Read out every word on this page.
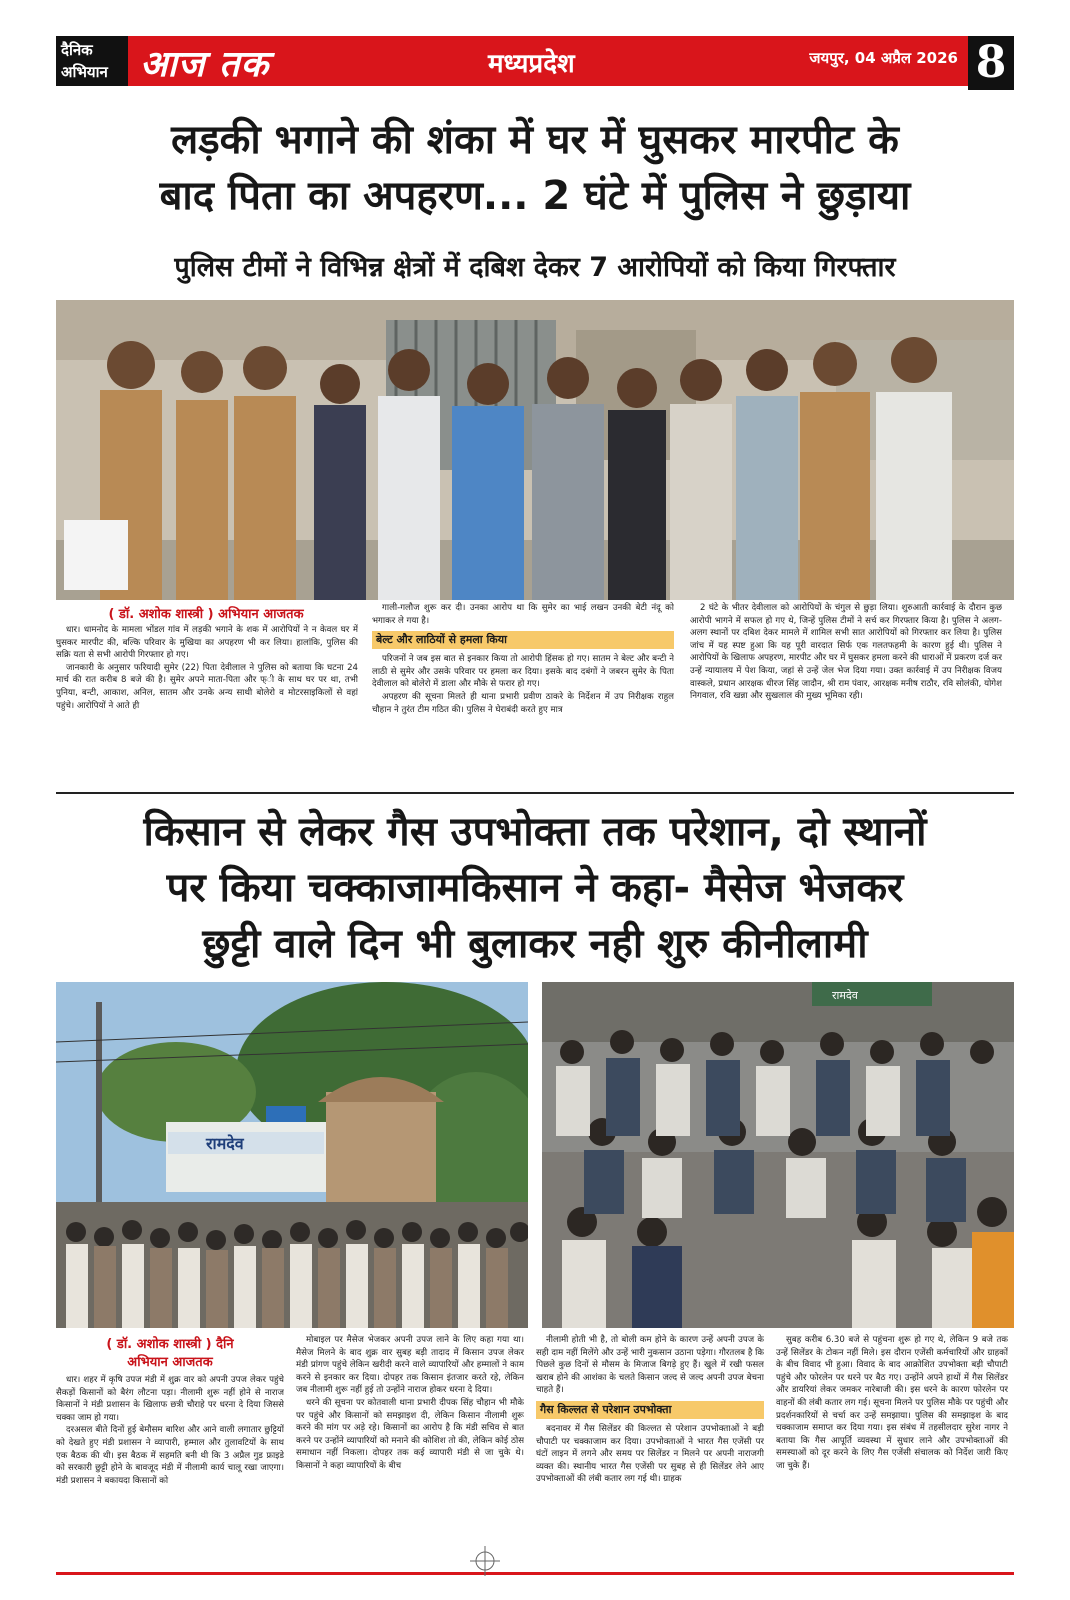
दैनिक
अभियान आज तक	मध्यप्रदेश	जयपुर, 04 अप्रैल 2026 8
लड़की भगाने की शंका में घर में घुसकर मारपीट के
बाद पिता का अपहरण... 2 घंटे में पुलिस ने छुड़ाया
पुलिस टीमों ने विभिन्न क्षेत्रों में दबिश देकर 7 आरोपियों को किया गिरफ्तार
( डॉ. अशोक शास्त्री ) अभियान आजतक

धार। धामनोद के मामला भोंडल गांव में लड़की भगाने के शक में आरोपियों ने न केवल घर में घुसकर मारपीट की, बल्कि परिवार के मुखिया का अपहरण भी कर लिया। हालांकि, पुलिस की सक्रि यता से सभी आरोपी गिरफ्तार हो गए।

जानकारी के अनुसार फरियादी सुमेर (22) पिता देवीलाल ने पुलिस को बताया कि घटना 24 मार्च की रात करीब 8 बजे की है। सुमेर अपने माता-पिता और फ्ी के साथ घर पर था, तभी पुनिया, बन्टी, आकाश, अनिल, सातम और उनके अन्य साथी बोलेरो व मोटरसाइकिलों से वहां पहुंचे। आरोपियों ने आते ही

गाली-गलौज शुरू कर दी। उनका आरोप था कि सुमेर का भाई लखन उनकी बेटी नंदू को भगाकर ले गया है।

बेल्ट और लाठियों से हमला किया

परिजनों ने जब इस बात से इनकार किया तो आरोपी हिंसक हो गए। सातम ने बेल्ट और बन्टी ने लाठी से सुमेर और उसके परिवार पर हमला कर दिया। इसके बाद दबंगों ने जबरन सुमेर के पिता देवीलाल को बोलेरो में डाला और मौके से फरार हो गए।

अपहरण की सूचना मिलते ही थाना प्रभारी प्रवीण ठाकरे के निर्देशन में उप निरीक्षक राहुल चौहान ने तुरंत टीम गठित की। पुलिस ने घेराबंदी करते हुए मात्र

2 घंटे के भीतर देवीलाल को आरोपियों के चंगुल से छुड़ा लिया। शुरुआती कार्रवाई के दौरान कुछ आरोपी भागने में सफल हो गए थे, जिन्हें पुलिस टीमों ने सर्च कर गिरफ्तार किया है। पुलिस ने अलग-अलग स्थानों पर दबिश देकर मामले में शामिल सभी सात आरोपियों को गिरफ्तार कर लिया है। पुलिस जांच में यह स्पष्ट हुआ कि यह पूरी वारदात सिर्फ एक गलतफहमी के कारण हुई थी। पुलिस ने आरोपियों के खिलाफ अपहरण, मारपीट और घर में घुसकर हमला करने की धाराओं में प्रकरण दर्ज कर उन्हें न्यायालय में पेश किया, जहां से उन्हें जेल भेज दिया गया। उक्त कार्रवाई में उप निरीक्षक विजय वास्कले, प्रधान आरक्षक धीरज सिंह जादौन, श्री राम पंवार, आरक्षक मनीष राठौर, रवि सोलंकी, योगेश निगवाल, रवि खन्ना और सुखलाल की मुख्य भूमिका रही।

किसान से लेकर गैस उपभोक्ता तक परेशान, दो स्थानों
पर किया चक्काजामकिसान ने कहा- मैसेज भेजकर
छुट्टी वाले दिन भी बुलाकर नही शुरु कीनीलामी
रामदेव
रामदेव
( डॉ. अशोक शास्त्री ) दैनि
अभियान आजतक

धार। शहर में कृषि उपज मंडी में शुक्र वार को अपनी उपज लेकर पहुंचे सैकड़ों किसानों को बैरंग लौटना पड़ा। नीलामी शुरू नहीं होने से नाराज किसानों ने मंडी प्रशासन के खिलाफ छत्री चौराहे पर धरना दे दिया जिससे चक्का जाम हो गया।

दरअसल बीते दिनों हुई बेमौसम बारिश और आने वाली लगातार छुट्टियों को देखते हुए मंडी प्रशासन ने व्यापारी, हम्माल और तुलावटियों के साथ एक बैठक की थी। इस बैठक में सहमति बनी थी कि 3 अप्रैल गुड फ्राइडे को सरकारी छुट्टी होने के बावजूद मंडी में नीलामी कार्य चालू रखा जाएगा। मंडी प्रशासन ने बकायदा किसानों को

मोबाइल पर मैसेज भेजकर अपनी उपज लाने के लिए कहा गया था। मैसेज मिलने के बाद शुक्र वार सुबह बड़ी तादाद में किसान उपज लेकर मंडी प्रांगण पहुंचे लेकिन खरीदी करने वाले व्यापारियों और हम्मालों ने काम करने से इनकार कर दिया। दोपहर तक किसान इंतजार करते रहे, लेकिन जब नीलामी शुरू नहीं हुई तो उन्होंने नाराज होकर धरना दे दिया।

धरने की सूचना पर कोतवाली थाना प्रभारी दीपक सिंह चौहान भी मौके पर पहुंचे और किसानों को समझाइश दी, लेकिन किसान नीलामी शुरू करने की मांग पर अड़े रहे। किसानों का आरोप है कि मंडी सचिव से बात करने पर उन्होंने व्यापारियों को मनाने की कोशिश तो की, लेकिन कोई ठोस समाधान नहीं निकला। दोपहर तक कई व्यापारी मंडी से जा चुके थे। किसानों ने कहा व्यापारियों के बीच

नीलामी होती भी है, तो बोली कम होने के कारण उन्हें अपनी उपज के सही दाम नहीं मिलेंगे और उन्हें भारी नुकसान उठाना पड़ेगा। गौरतलब है कि पिछले कुछ दिनों से मौसम के मिजाज बिगड़े हुए हैं। खुले में रखी फसल खराब होने की आशंका के चलते किसान जल्द से जल्द अपनी उपज बेचना चाहते हैं।

गैस किल्लत से परेशान उपभोक्ता

बदनावर में गैस सिलेंडर की किल्लत से परेशान उपभोक्ताओं ने बड़ी चौपाटी पर चक्काजाम कर दिया। उपभोक्ताओं ने भारत गैस एजेंसी पर घंटों लाइन में लगने और समय पर सिलेंडर न मिलने पर अपनी नाराजगी व्यक्त की। स्थानीय भारत गैस एजेंसी पर सुबह से ही सिलेंडर लेने आए उपभोक्ताओं की लंबी कतार लग गई थी। ग्राहक

सुबह करीब 6.30 बजे से पहुंचना शुरू हो गए थे, लेकिन 9 बजे तक उन्हें सिलेंडर के टोकन नहीं मिले। इस दौरान एजेंसी कर्मचारियों और ग्राहकों के बीच विवाद भी हुआ। विवाद के बाद आक्रोशित उपभोक्ता बड़ी चौपाटी पहुंचे और फोरलेन पर धरने पर बैठ गए। उन्होंने अपने हाथों में गैस सिलेंडर और डायरियां लेकर जमकर नारेबाजी की। इस धरने के कारण फोरलेन पर वाहनों की लंबी कतार लग गई। सूचना मिलने पर पुलिस मौके पर पहुंची और प्रदर्शनकारियों से चर्चा कर उन्हें समझाया। पुलिस की समझाइश के बाद चक्काजाम समाप्त कर दिया गया। इस संबंध में तहसीलदार सुरेश नागर ने बताया कि गैस आपूर्ति व्यवस्था में सुधार लाने और उपभोक्ताओं की समस्याओं को दूर करने के लिए गैस एजेंसी संचालक को निर्देश जारी किए जा चुके हैं।
